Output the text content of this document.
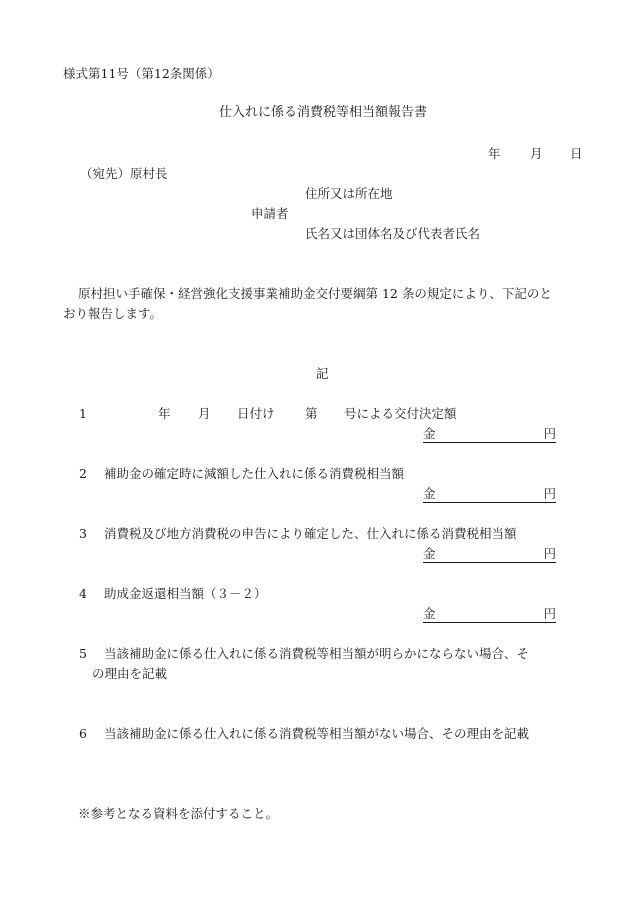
様式第11号（第12条関係）
仕入れに係る消費税等相当額報告書
年 月 日
（宛先）原村長
住所又は所在地
申請者
氏名又は団体名及び代表者氏名
原村担い手確保・経営強化支援事業補助金交付要綱第 12 条の規定により、下記のと
おり報告します。
記
1	年 月 日付け 第 号による交付決定額
金	円
2 補助金の確定時に減額した仕入れに係る消費税相当額
金	円
3 消費税及び地方消費税の申告により確定した、仕入れに係る消費税相当額
金	円
4 助成金返還相当額（３－２）
金	円
5 当該補助金に係る仕入れに係る消費税等相当額が明らかにならない場合、そ
の理由を記載
6 当該補助金に係る仕入れに係る消費税等相当額がない場合、その理由を記載
※参考となる資料を添付すること。
